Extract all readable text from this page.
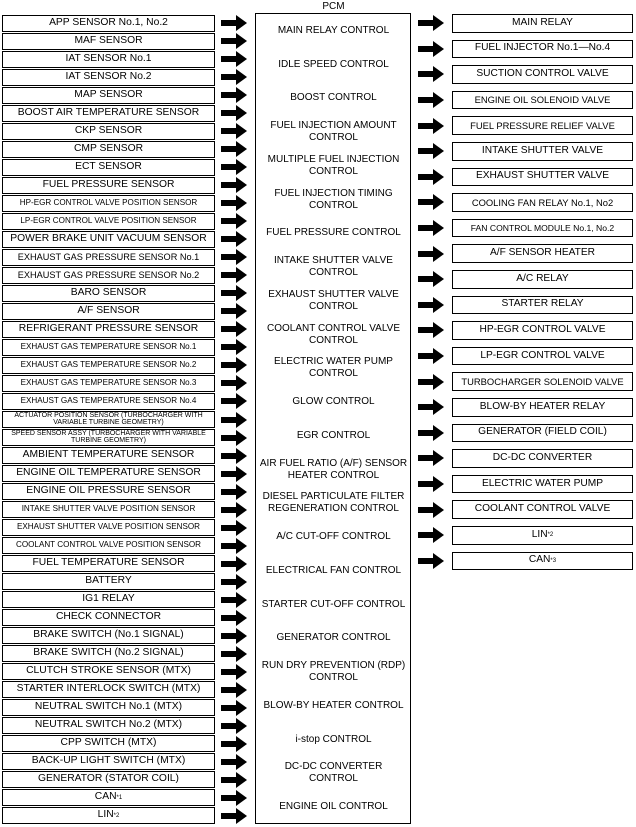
PCM
APP SENSOR No.1, No.2
MAF SENSOR
IAT SENSOR No.1
IAT SENSOR No.2
MAP SENSOR
BOOST AIR TEMPERATURE SENSOR
CKP SENSOR
CMP SENSOR
ECT SENSOR
FUEL PRESSURE SENSOR
HP-EGR CONTROL VALVE POSITION SENSOR
LP-EGR CONTROL VALVE POSITION SENSOR
POWER BRAKE UNIT VACUUM SENSOR
EXHAUST GAS PRESSURE SENSOR No.1
EXHAUST GAS PRESSURE SENSOR No.2
BARO SENSOR
A/F SENSOR
REFRIGERANT PRESSURE SENSOR
EXHAUST GAS TEMPERATURE SENSOR No.1
EXHAUST GAS TEMPERATURE SENSOR No.2
EXHAUST GAS TEMPERATURE SENSOR No.3
EXHAUST GAS TEMPERATURE SENSOR No.4
ACTUATOR POSITION SENSOR (TURBOCHARGER WITH VARIABLE TURBINE GEOMETRY)
SPEED SENSOR ASSY (TURBOCHARGER WITH VARIABLE TURBINE GEOMETRY)
AMBIENT TEMPERATURE SENSOR
ENGINE OIL TEMPERATURE SENSOR
ENGINE OIL PRESSURE SENSOR
INTAKE SHUTTER VALVE POSITION SENSOR
EXHAUST SHUTTER VALVE POSITION SENSOR
COOLANT CONTROL VALVE POSITION SENSOR
FUEL TEMPERATURE SENSOR
BATTERY
IG1 RELAY
CHECK CONNECTOR
BRAKE SWITCH (No.1 SIGNAL)
BRAKE SWITCH (No.2 SIGNAL)
CLUTCH STROKE SENSOR (MTX)
STARTER INTERLOCK SWITCH (MTX)
NEUTRAL SWITCH No.1 (MTX)
NEUTRAL SWITCH No.2 (MTX)
CPP SWITCH (MTX)
BACK-UP LIGHT SWITCH (MTX)
GENERATOR (STATOR COIL)
CAN *1
LIN *2
MAIN RELAY CONTROL
IDLE SPEED CONTROL
BOOST CONTROL
FUEL INJECTION AMOUNT CONTROL
MULTIPLE FUEL INJECTION CONTROL
FUEL INJECTION TIMING CONTROL
FUEL PRESSURE CONTROL
INTAKE SHUTTER VALVE CONTROL
EXHAUST SHUTTER VALVE CONTROL
COOLANT CONTROL VALVE CONTROL
ELECTRIC WATER PUMP CONTROL
GLOW CONTROL
EGR CONTROL
AIR FUEL RATIO (A/F) SENSOR HEATER CONTROL
DIESEL PARTICULATE FILTER REGENERATION CONTROL
A/C CUT-OFF CONTROL
ELECTRICAL FAN CONTROL
STARTER CUT-OFF CONTROL
GENERATOR CONTROL
RUN DRY PREVENTION (RDP) CONTROL
BLOW-BY HEATER CONTROL
i-stop CONTROL
DC-DC CONVERTER CONTROL
ENGINE OIL CONTROL
MAIN RELAY
FUEL INJECTOR No.1—No.4
SUCTION CONTROL VALVE
ENGINE OIL SOLENOID VALVE
FUEL PRESSURE RELIEF VALVE
INTAKE SHUTTER VALVE
EXHAUST SHUTTER VALVE
COOLING FAN RELAY No.1, No2
FAN CONTROL MODULE No.1, No.2
A/F SENSOR HEATER
A/C RELAY
STARTER RELAY
HP-EGR CONTROL VALVE
LP-EGR CONTROL VALVE
TURBOCHARGER SOLENOID VALVE
BLOW-BY HEATER RELAY
GENERATOR (FIELD COIL)
DC-DC CONVERTER
ELECTRIC WATER PUMP
COOLANT CONTROL VALVE
LIN *2
CAN *3
